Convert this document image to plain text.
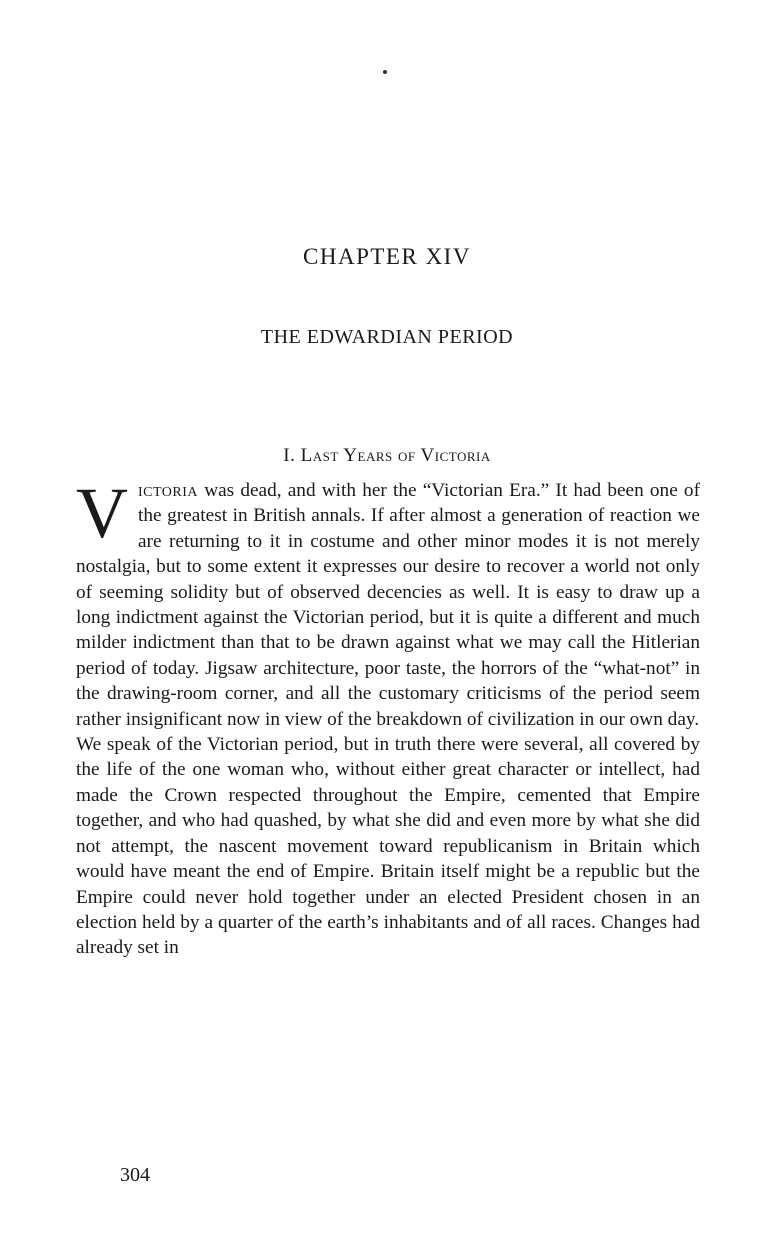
CHAPTER XIV
THE EDWARDIAN PERIOD
I. Last Years of Victoria

Victoria was dead, and with her the “Victorian Era.” It had been one of the greatest in British annals. If after almost a generation of reaction we are returning to it in costume and other minor modes it is not merely nostalgia, but to some extent it expresses our desire to recover a world not only of seeming solidity but of observed decencies as well. It is easy to draw up a long indictment against the Victorian period, but it is quite a different and much milder indictment than that to be drawn against what we may call the Hitlerian period of today. Jigsaw architecture, poor taste, the horrors of the “what-not” in the drawing-room corner, and all the customary criticisms of the period seem rather insignificant now in view of the breakdown of civilization in our own day.

We speak of the Victorian period, but in truth there were several, all covered by the life of the one woman who, without either great character or intellect, had made the Crown respected throughout the Empire, cemented that Empire together, and who had quashed, by what she did and even more by what she did not attempt, the nascent movement toward republicanism in Britain which would have meant the end of Empire. Britain itself might be a republic but the Empire could never hold together under an elected President chosen in an election held by a quarter of the earth’s inhabitants and of all races. Changes had already set in

304
